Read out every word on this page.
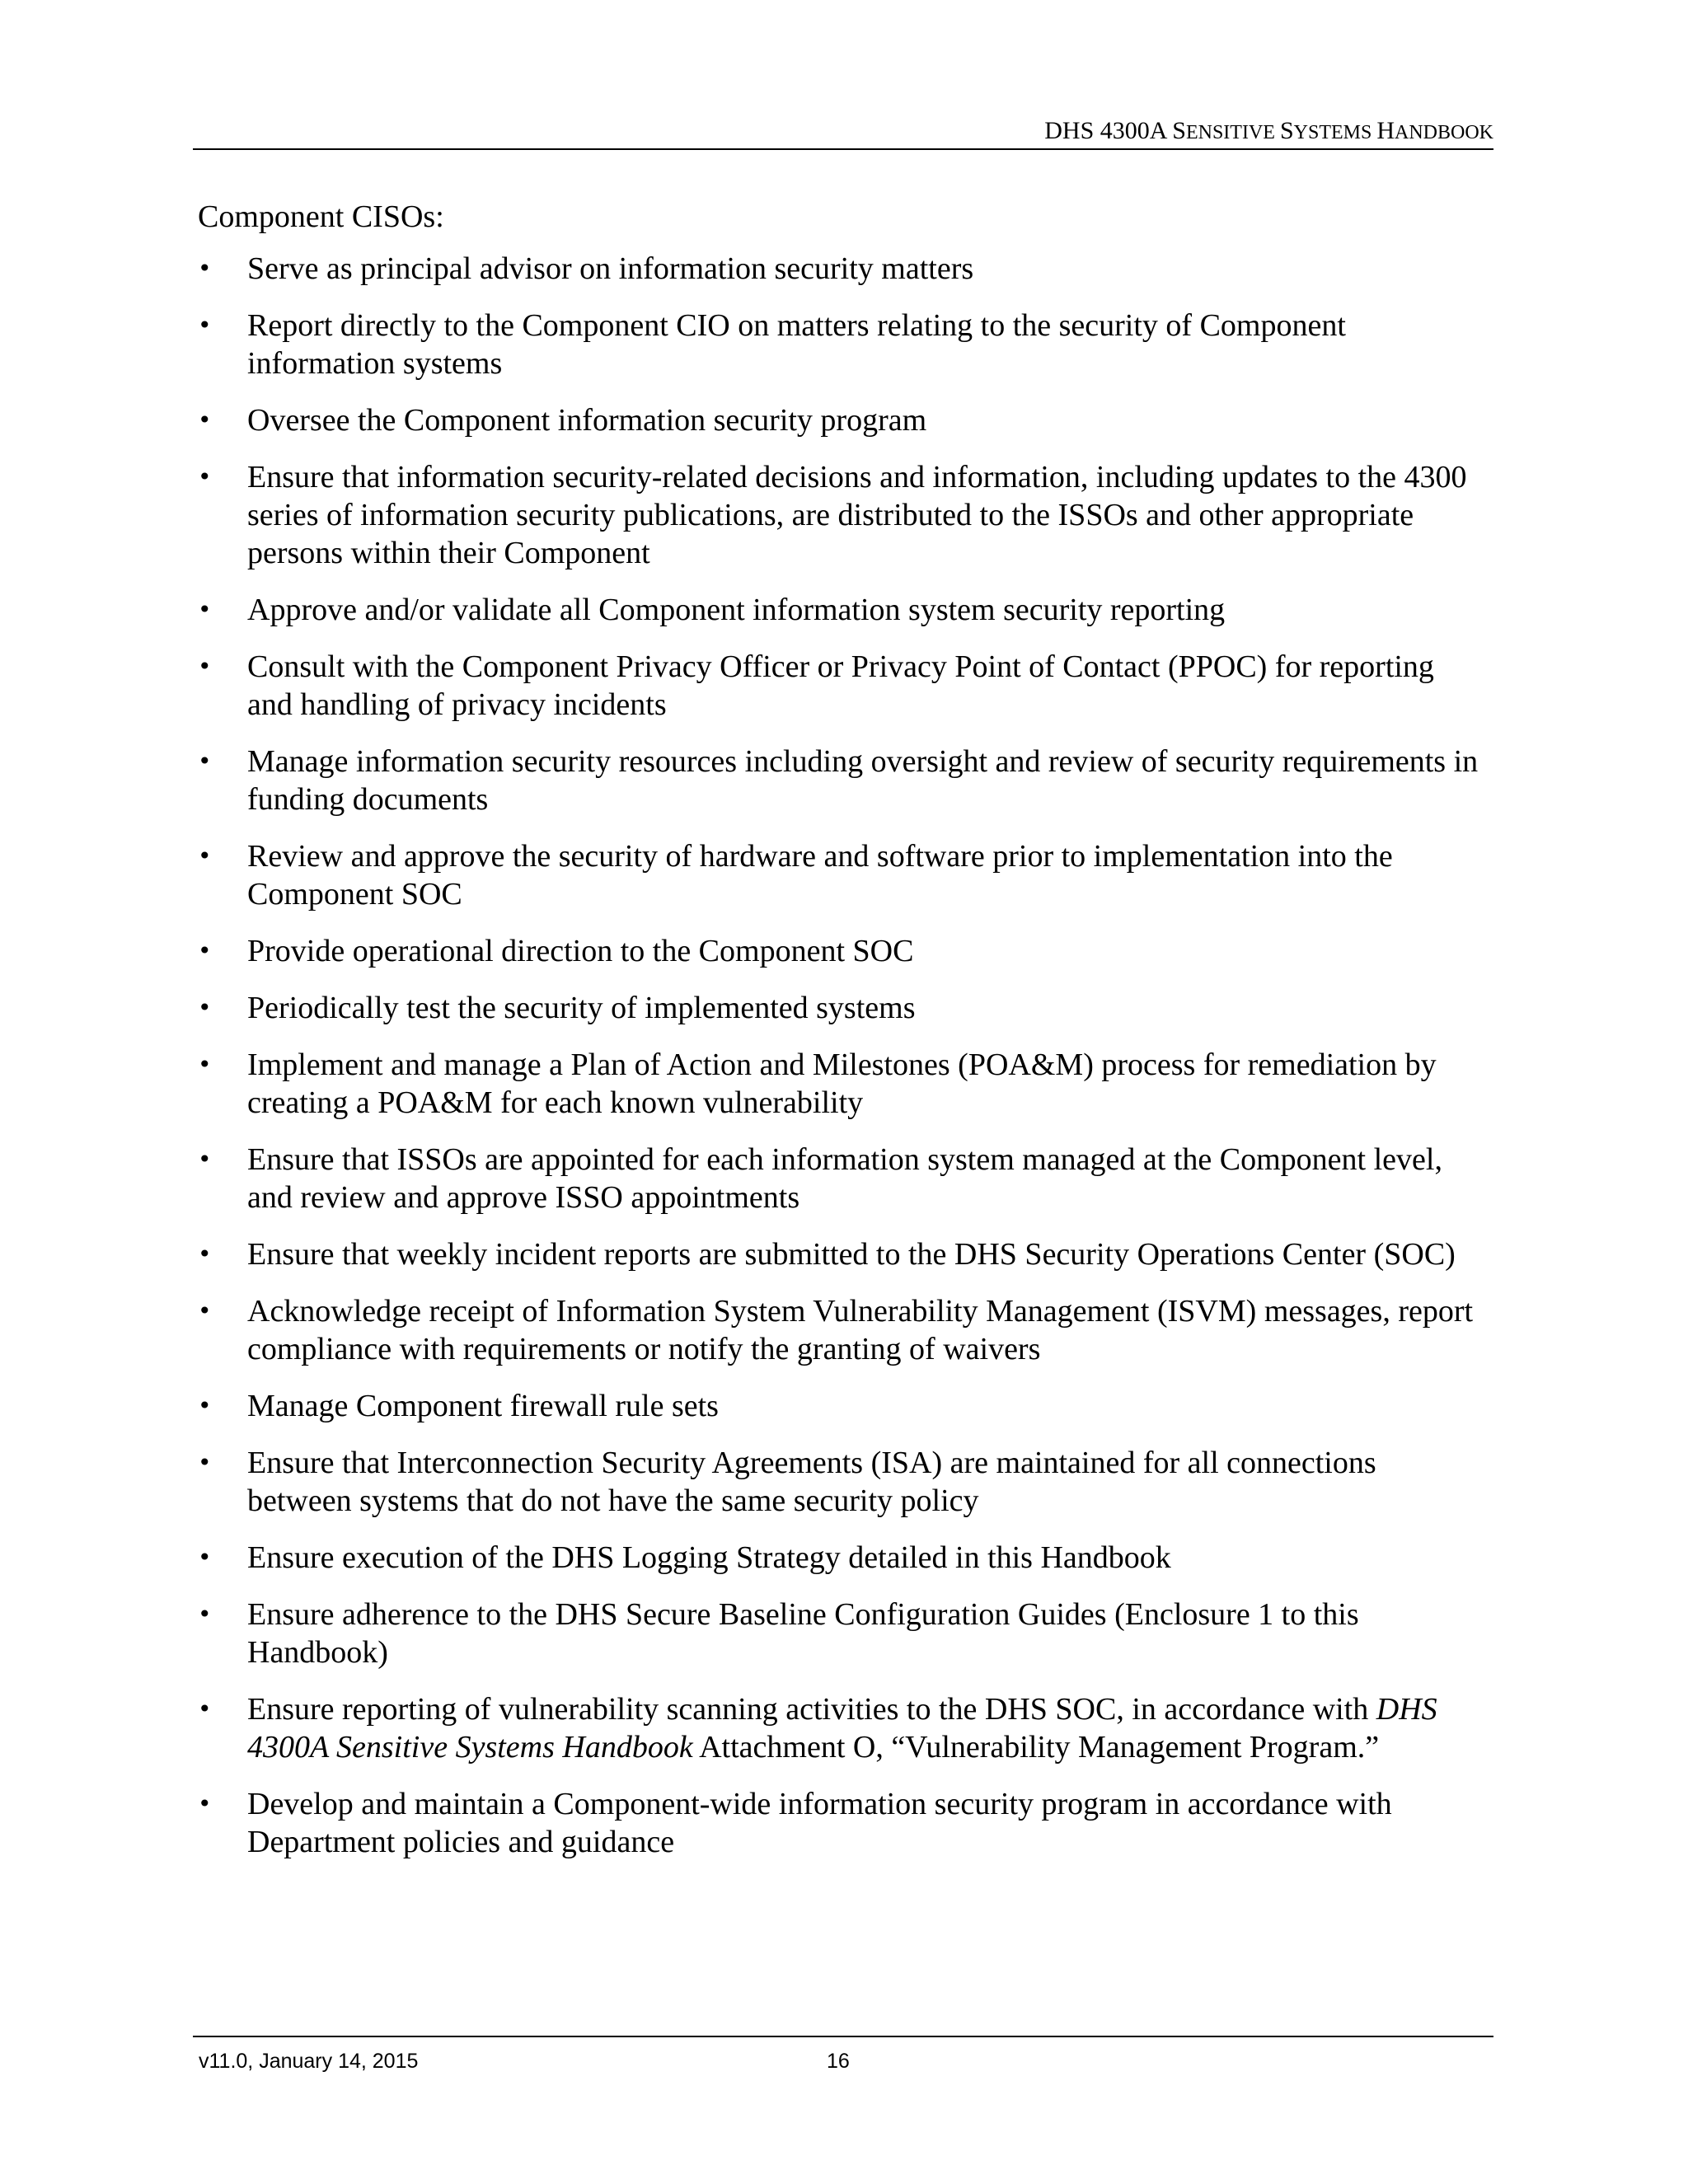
DHS 4300A SENSITIVE SYSTEMS HANDBOOK
Component CISOs:
•	Serve as principal advisor on information security matters
•	Report directly to the Component CIO on matters relating to the security of Component information systems
•	Oversee the Component information security program
•	Ensure that information security-related decisions and information, including updates to the 4300 series of information security publications, are distributed to the ISSOs and other appropriate persons within their Component
•	Approve and/or validate all Component information system security reporting
•	Consult with the Component Privacy Officer or Privacy Point of Contact (PPOC) for reporting and handling of privacy incidents
•	Manage information security resources including oversight and review of security requirements in funding documents
•	Review and approve the security of hardware and software prior to implementation into the Component SOC
•	Provide operational direction to the Component SOC
•	Periodically test the security of implemented systems
•	Implement and manage a Plan of Action and Milestones (POA&M) process for remediation by creating a POA&M for each known vulnerability
•	Ensure that ISSOs are appointed for each information system managed at the Component level, and review and approve ISSO appointments
•	Ensure that weekly incident reports are submitted to the DHS Security Operations Center (SOC)
•	Acknowledge receipt of Information System Vulnerability Management (ISVM) messages, report compliance with requirements or notify the granting of waivers
•	Manage Component firewall rule sets
•	Ensure that Interconnection Security Agreements (ISA) are maintained for all connections between systems that do not have the same security policy
•	Ensure execution of the DHS Logging Strategy detailed in this Handbook
•	Ensure adherence to the DHS Secure Baseline Configuration Guides (Enclosure 1 to this Handbook)
•	Ensure reporting of vulnerability scanning activities to the DHS SOC, in accordance with DHS 4300A Sensitive Systems Handbook Attachment O, “Vulnerability Management Program.”
•	Develop and maintain a Component-wide information security program in accordance with Department policies and guidance
v11.0, January 14, 2015	16
